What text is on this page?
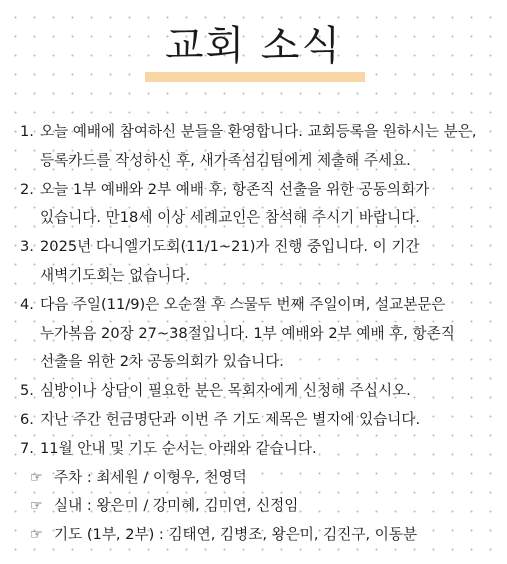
교회 소식
1. 오늘 예배에 참여하신 분들을 환영합니다. 교회등록을 원하시는 분은, 등록카드를 작성하신 후, 새가족섬김팀에게 제출해 주세요.
2. 오늘 1부 예배와 2부 예배 후, 항존직 선출을 위한 공동의회가 있습니다. 만18세 이상 세례교인은 참석해 주시기 바랍니다.
3. 2025년 다니엘기도회(11/1~21)가 진행 중입니다. 이 기간 새벽기도회는 없습니다.
4. 다음 주일(11/9)은 오순절 후 스물두 번째 주일이며, 설교본문은 누가복음 20장 27~38절입니다. 1부 예배와 2부 예배 후, 항존직 선출을 위한 2차 공동의회가 있습니다.
5. 심방이나 상담이 필요한 분은 목회자에게 신청해 주십시오.
6. 지난 주간 헌금명단과 이번 주 기도 제목은 별지에 있습니다.
7. 11월 안내 및 기도 순서는 아래와 같습니다.
☞ 주차 : 최세원 / 이형우, 천영덕
☞ 실내 : 왕은미 / 강미혜, 김미연, 신정임
☞ 기도 (1부, 2부) : 김태연, 김병조, 왕은미, 김진구, 이동분
